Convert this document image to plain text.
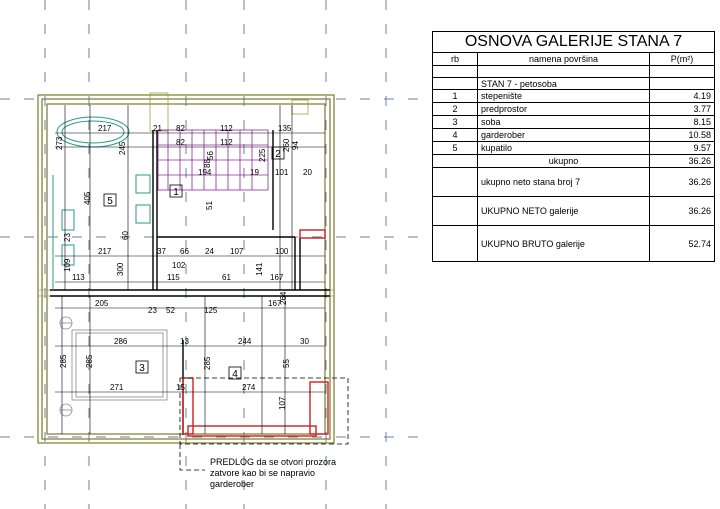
5
1
2
3
4
217	21 82
82
112
112
135
273
405
245
56	225
260 94
88
194	19 101 20
23
51
60
217	37 66 24 107	100
109
113
102
115	61
141
167
300
264
205
23 52	125
167
13
286	244	30
285 285	285	55
271	15	274
107
OSNOVA GALERIJE STANA 7		
rb	namena površina	P(m²)

	STAN 7 - petosoba	
1	stepenište	4.19
2	predprostor	3.77
3	soba	8.15
4	garderober	10.58
5	kupatilo	9.57
	ukupno	36.26
	ukupno neto stana broj 7	36.26
	UKUPNO NETO galerije	36.26
	UKUPNO BRUTO galerije	52.74
PREDLOG da se otvori prozora
zatvore kao bi se napravio
garderober
